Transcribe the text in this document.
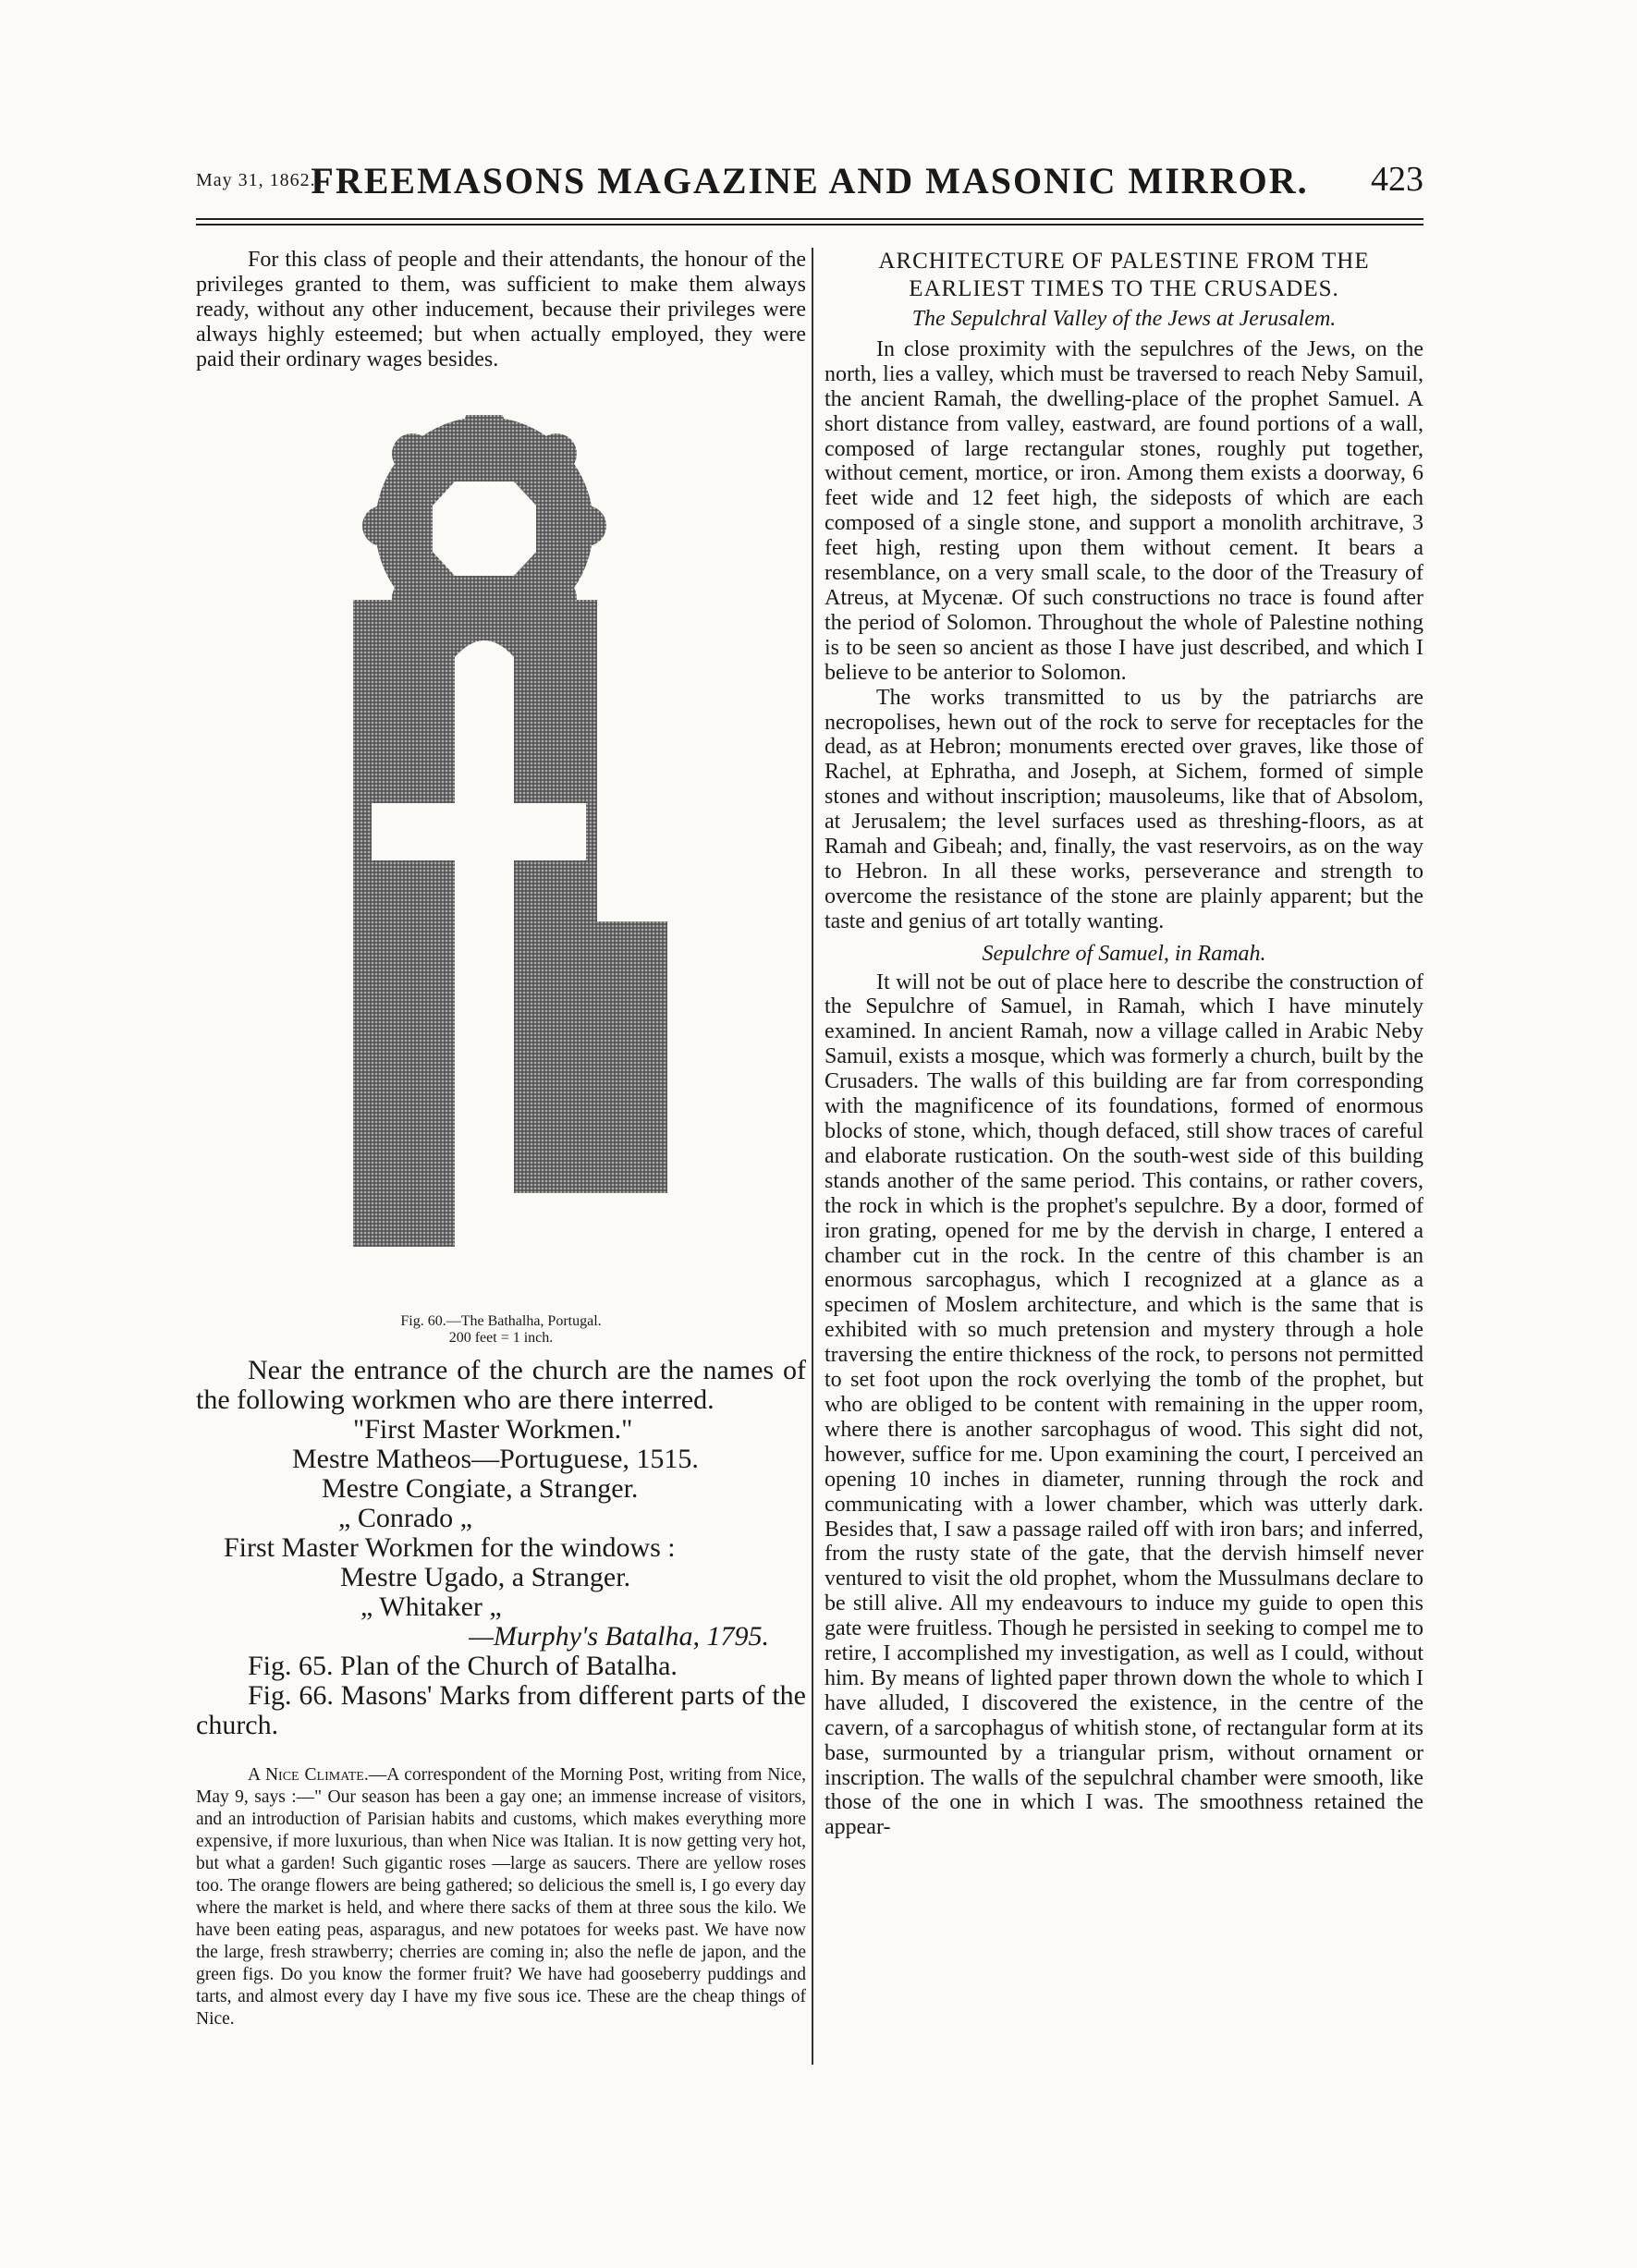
May 31, 1862.]
FREEMASONS MAGAZINE AND MASONIC MIRROR.	423

For this class of people and their attendants, the honour of the privileges granted to them, was sufficient to make them always ready, without any other inducement, because their privileges were always highly esteemed; but when actually employed, they were paid their ordinary wages besides.

Fig. 60.—The Bathalha, Portugal.
200 feet = 1 inch.

Near the entrance of the church are the names of the following workmen who are there interred.

"First Master Workmen."
Mestre Matheos—Portuguese, 1515.
Mestre Congiate, a Stranger.
„ Conrado „
First Master Workmen for the windows :
Mestre Ugado, a Stranger.
„ Whitaker „
—Murphy's Batalha, 1795.

Fig. 65. Plan of the Church of Batalha.

Fig. 66. Masons' Marks from different parts of the church.

A Nice Climate.—A correspondent of the Morning Post, writing from Nice, May 9, says :—" Our season has been a gay one; an immense increase of visitors, and an introduction of Parisian habits and customs, which makes everything more expensive, if more luxurious, than when Nice was Italian. It is now getting very hot, but what a garden! Such gigantic roses —large as saucers. There are yellow roses too. The orange flowers are being gathered; so delicious the smell is, I go every day where the market is held, and where there sacks of them at three sous the kilo. We have been eating peas, asparagus, and new potatoes for weeks past. We have now the large, fresh strawberry; cherries are coming in; also the nefle de japon, and the green figs. Do you know the former fruit? We have had gooseberry puddings and tarts, and almost every day I have my five sous ice. These are the cheap things of Nice.

ARCHITECTURE OF PALESTINE FROM THE EARLIEST TIMES TO THE CRUSADES.

The Sepulchral Valley of the Jews at Jerusalem.

In close proximity with the sepulchres of the Jews, on the north, lies a valley, which must be traversed to reach Neby Samuil, the ancient Ramah, the dwelling-place of the prophet Samuel. A short distance from valley, eastward, are found portions of a wall, composed of large rectangular stones, roughly put together, without cement, mortice, or iron. Among them exists a doorway, 6 feet wide and 12 feet high, the sideposts of which are each composed of a single stone, and support a monolith architrave, 3 feet high, resting upon them without cement. It bears a resemblance, on a very small scale, to the door of the Treasury of Atreus, at Mycenæ. Of such constructions no trace is found after the period of Solomon. Throughout the whole of Palestine nothing is to be seen so ancient as those I have just described, and which I believe to be anterior to Solomon.

The works transmitted to us by the patriarchs are necropolises, hewn out of the rock to serve for receptacles for the dead, as at Hebron; monuments erected over graves, like those of Rachel, at Ephratha, and Joseph, at Sichem, formed of simple stones and without inscription; mausoleums, like that of Absolom, at Jerusalem; the level surfaces used as threshing-floors, as at Ramah and Gibeah; and, finally, the vast reservoirs, as on the way to Hebron. In all these works, perseverance and strength to overcome the resistance of the stone are plainly apparent; but the taste and genius of art totally wanting.

Sepulchre of Samuel, in Ramah.

It will not be out of place here to describe the construction of the Sepulchre of Samuel, in Ramah, which I have minutely examined. In ancient Ramah, now a village called in Arabic Neby Samuil, exists a mosque, which was formerly a church, built by the Crusaders. The walls of this building are far from corresponding with the magnificence of its foundations, formed of enormous blocks of stone, which, though defaced, still show traces of careful and elaborate rustication. On the south-west side of this building stands another of the same period. This contains, or rather covers, the rock in which is the prophet's sepulchre. By a door, formed of iron grating, opened for me by the dervish in charge, I entered a chamber cut in the rock. In the centre of this chamber is an enormous sarcophagus, which I recognized at a glance as a specimen of Moslem architecture, and which is the same that is exhibited with so much pretension and mystery through a hole traversing the entire thickness of the rock, to persons not permitted to set foot upon the rock overlying the tomb of the prophet, but who are obliged to be content with remaining in the upper room, where there is another sarcophagus of wood. This sight did not, however, suffice for me. Upon examining the court, I perceived an opening 10 inches in diameter, running through the rock and communicating with a lower chamber, which was utterly dark. Besides that, I saw a passage railed off with iron bars; and inferred, from the rusty state of the gate, that the dervish himself never ventured to visit the old prophet, whom the Mussulmans declare to be still alive. All my endeavours to induce my guide to open this gate were fruitless. Though he persisted in seeking to compel me to retire, I accomplished my investigation, as well as I could, without him. By means of lighted paper thrown down the whole to which I have alluded, I discovered the existence, in the centre of the cavern, of a sarcophagus of whitish stone, of rectangular form at its base, surmounted by a triangular prism, without ornament or inscription. The walls of the sepulchral chamber were smooth, like those of the one in which I was. The smoothness retained the appear-
